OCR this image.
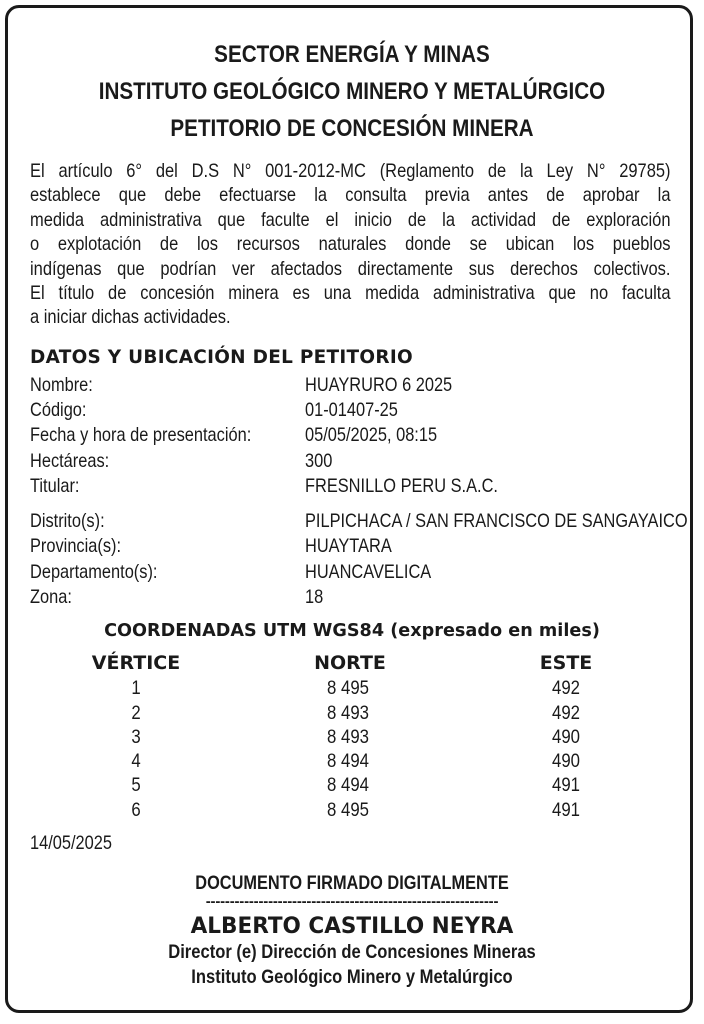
SECTOR ENERGÍA Y MINAS
INSTITUTO GEOLÓGICO MINERO Y METALÚRGICO
PETITORIO DE CONCESIÓN MINERA
El artículo 6° del D.S N° 001-2012-MC (Reglamento de la Ley N° 29785)
establece que debe efectuarse la consulta previa antes de aprobar la
medida administrativa que faculte el inicio de la actividad de exploración
o explotación de los recursos naturales donde se ubican los pueblos
indígenas que podrían ver afectados directamente sus derechos colectivos.
El título de concesión minera es una medida administrativa que no faculta
a iniciar dichas actividades.
DATOS Y UBICACIÓN DEL PETITORIO
Nombre:	HUAYRURO 6 2025
Código:	01-01407-25
Fecha y hora de presentación:	05/05/2025, 08:15
Hectáreas:	300
Titular:	FRESNILLO PERU S.A.C.
Distrito(s):	PILPICHACA / SAN FRANCISCO DE SANGAYAICO
Provincia(s):	HUAYTARA
Departamento(s):	HUANCAVELICA
Zona:	18
COORDENADAS UTM WGS84 (expresado en miles)
VÉRTICE	NORTE	ESTE
1	8 495	492
2	8 493	492
3	8 493	490
4	8 494	490
5	8 494	491
6	8 495	491
14/05/2025
DOCUMENTO FIRMADO DIGITALMENTE
-------------------------------------------------------------
ALBERTO CASTILLO NEYRA
Director (e) Dirección de Concesiones Mineras
Instituto Geológico Minero y Metalúrgico
